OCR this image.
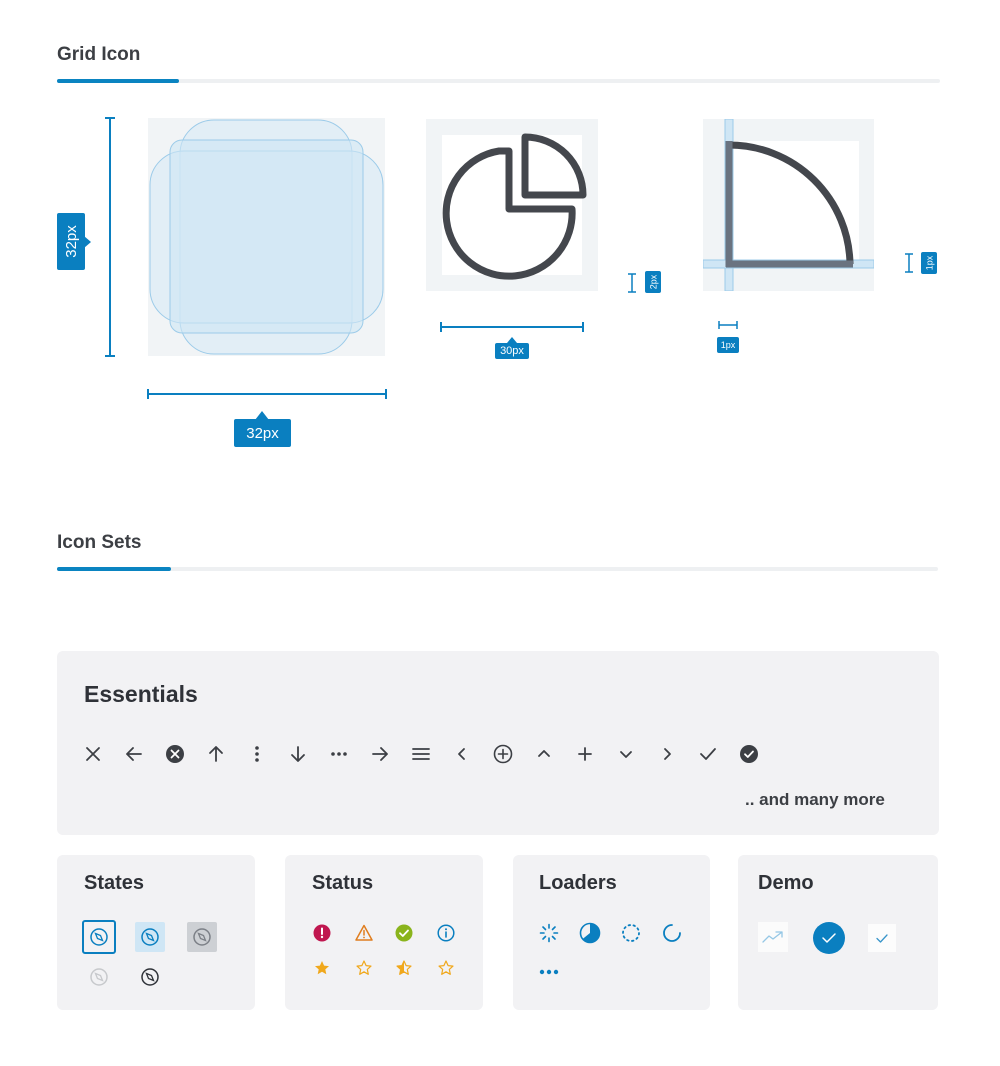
Grid Icon
32px
32px
30px
2px
1px
1px
Icon Sets
Essentials
.. and many more
States	Status	Loaders	Demo
